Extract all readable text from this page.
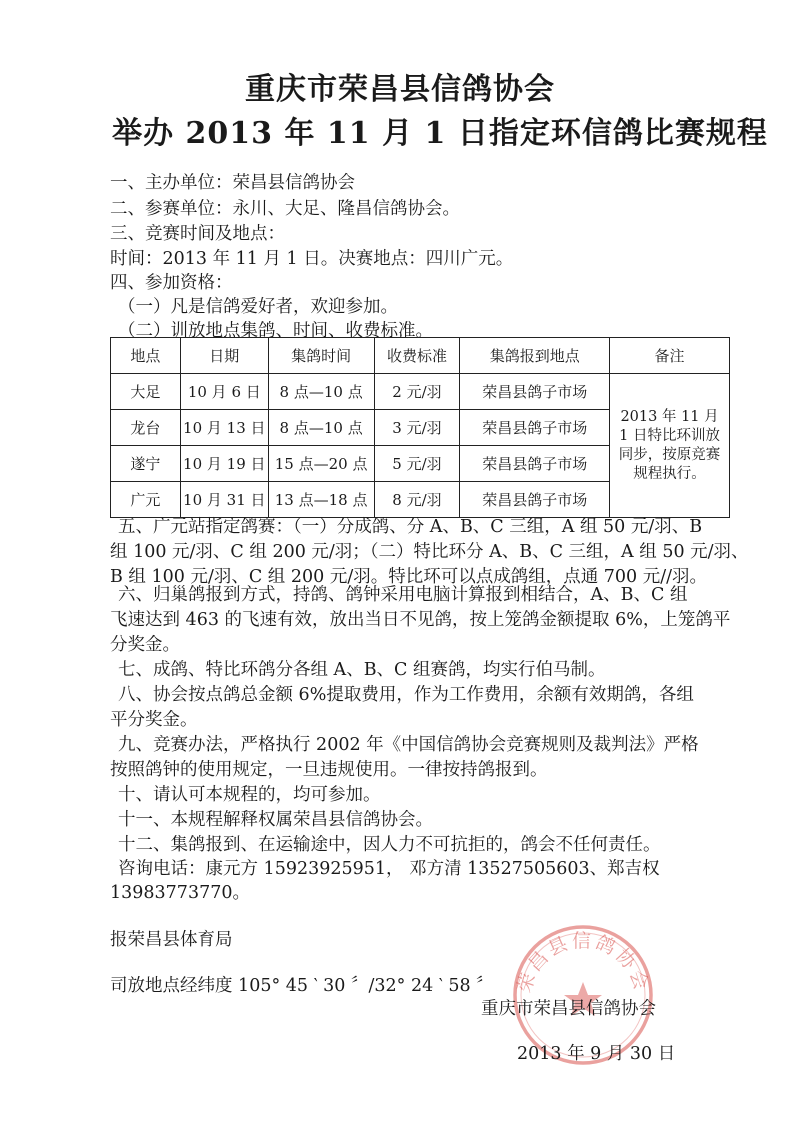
重庆市荣昌县信鸽协会
举办 2013 年 11 月 1 日指定环信鸽比赛规程
一、主办单位：荣昌县信鸽协会
二、参赛单位：永川、大足、隆昌信鸽协会。
三、竞赛时间及地点：
时间：2013 年 11 月 1 日。决赛地点：四川广元。
四、参加资格：
（一）凡是信鸽爱好者，欢迎参加。
（二）训放地点集鸽、时间、收费标准。
地点	日期	集鸽时间	收费标准	集鸽报到地点	备注
大足	10 月 6 日	8 点—10 点	2 元/羽	荣昌县鸽子市场	2013 年 11 月 1 日特比环训放同步，按原竞赛规程执行。
龙台	10 月 13 日	8 点—10 点	3 元/羽	荣昌县鸽子市场	
遂宁	10 月 19 日	15 点—20 点	5 元/羽	荣昌县鸽子市场	
广元	10 月 31 日	13 点—18 点	8 元/羽	荣昌县鸽子市场	
五、广元站指定鸽赛：（一）分成鸽、分 A、B、C 三组，A 组 50 元/羽、B
组 100 元/羽、C 组 200 元/羽；（二）特比环分 A、B、C 三组，A 组 50 元/羽、
B 组 100 元/羽、C 组 200 元/羽。特比环可以点成鸽组，点通 700 元//羽。
六、归巢鸽报到方式，持鸽、鸽钟采用电脑计算报到相结合，A、B、C 组
飞速达到 463 的飞速有效，放出当日不见鸽，按上笼鸽金额提取 6%，上笼鸽平
分奖金。
七、成鸽、特比环鸽分各组 A、B、C 组赛鸽，均实行伯马制。
八、协会按点鸽总金额 6%提取费用，作为工作费用，余额有效期鸽，各组
平分奖金。
九、竞赛办法，严格执行 2002 年《中国信鸽协会竞赛规则及裁判法》严格
按照鸽钟的使用规定，一旦违规使用。一律按持鸽报到。
十、请认可本规程的，均可参加。
十一、本规程解释权属荣昌县信鸽协会。
十二、集鸽报到、在运输途中，因人力不可抗拒的，鸽会不任何责任。
咨询电话：康元方 15923925951， 邓方清 13527505603、郑吉权
13983773770。
报荣昌县体育局
司放地点经纬度 105° 45 ‵ 30 〞/32° 24 ‵ 58 〞 荣昌县信鸽协会
重庆市荣昌县信鸽协会
2013 年 9 月 30 日
